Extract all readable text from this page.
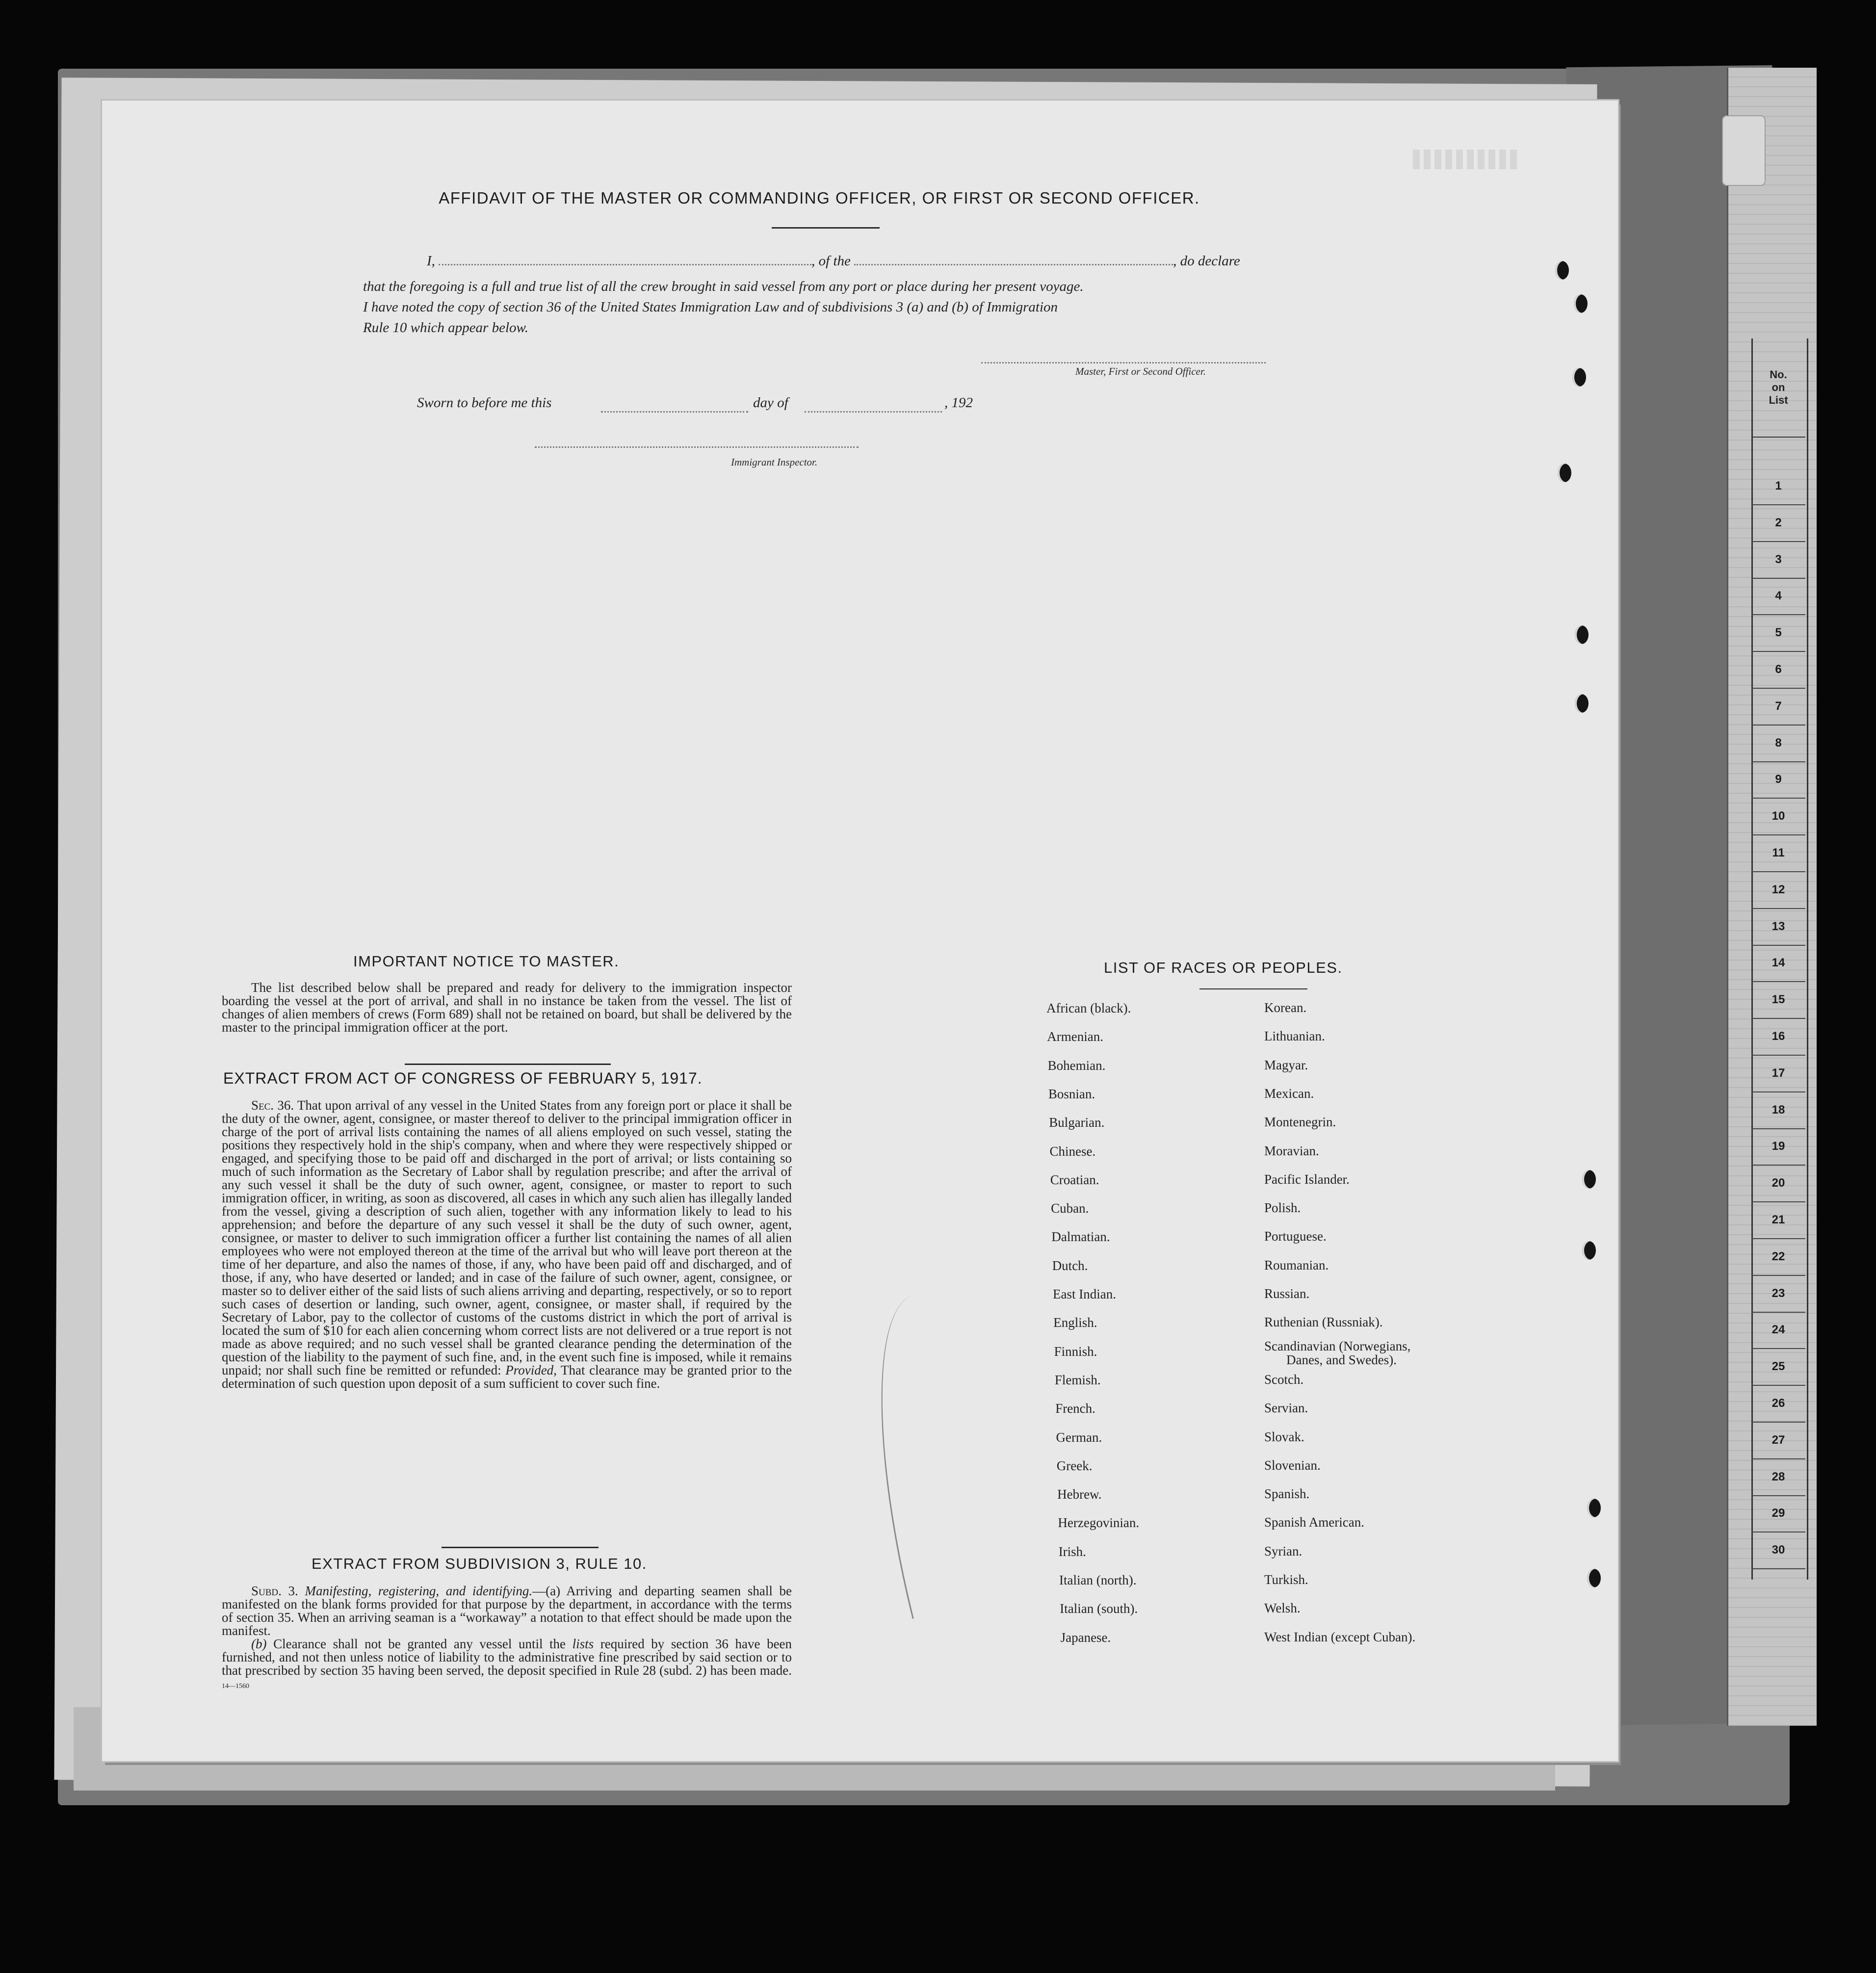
No.
on
List
1
2
3
4
5
6
7
8
9
10
11
12
13
14
15
16
17
18
19
20
21
22
23
24
25
26
27
28
29
30
AFFIDAVIT OF THE MASTER OR COMMANDING OFFICER, OR FIRST OR SECOND OFFICER.
I,	, of the	, do declare
that the foregoing is a full and true list of all the crew brought in said vessel from any port or place during her present voyage.
I have noted the copy of section 36 of the United States Immigration Law and of subdivisions 3 (a) and (b) of Immigration
Rule 10 which appear below.
Master, First or Second Officer.
Sworn to before me this	day of	, 192
Immigrant Inspector.
IMPORTANT NOTICE TO MASTER.

The list described below shall be prepared and ready for delivery to the immigration inspector boarding the vessel at the port of arrival, and shall in no instance be taken from the vessel. The list of changes of alien members of crews (Form 689) shall not be retained on board, but shall be delivered by the master to the principal immigration officer at the port.

EXTRACT FROM ACT OF CONGRESS OF FEBRUARY 5, 1917.

Sec. 36. That upon arrival of any vessel in the United States from any foreign port or place it shall be the duty of the owner, agent, consignee, or master thereof to deliver to the principal immigration officer in charge of the port of arrival lists containing the names of all aliens employed on such vessel, stating the positions they respectively hold in the ship's company, when and where they were respectively shipped or engaged, and specifying those to be paid off and discharged in the port of arrival; or lists containing so much of such information as the Secretary of Labor shall by regulation prescribe; and after the arrival of any such vessel it shall be the duty of such owner, agent, consignee, or master to report to such immigration officer, in writing, as soon as discovered, all cases in which any such alien has illegally landed from the vessel, giving a description of such alien, together with any information likely to lead to his apprehension; and before the departure of any such vessel it shall be the duty of such owner, agent, consignee, or master to deliver to such immigration officer a further list containing the names of all alien employees who were not employed thereon at the time of the arrival but who will leave port thereon at the time of her departure, and also the names of those, if any, who have been paid off and discharged, and of those, if any, who have deserted or landed; and in case of the failure of such owner, agent, consignee, or master so to deliver either of the said lists of such aliens arriving and departing, respectively, or so to report such cases of desertion or landing, such owner, agent, consignee, or master shall, if required by the Secretary of Labor, pay to the collector of customs of the customs district in which the port of arrival is located the sum of $10 for each alien concerning whom correct lists are not delivered or a true report is not made as above required; and no such vessel shall be granted clearance pending the determination of the question of the liability to the payment of such fine, and, in the event such fine is imposed, while it remains unpaid; nor shall such fine be remitted or refunded: Provided, That clearance may be granted prior to the determination of such question upon deposit of a sum sufficient to cover such fine.

EXTRACT FROM SUBDIVISION 3, RULE 10.

Subd. 3. Manifesting, registering, and identifying.—(a) Arriving and departing seamen shall be manifested on the blank forms provided for that purpose by the department, in accordance with the terms of section 35. When an arriving seaman is a “workaway” a notation to that effect should be made upon the manifest.

(b) Clearance shall not be granted any vessel until the lists required by section 36 have been furnished, and not then unless notice of liability to the administrative fine prescribed by said section or to that prescribed by section 35 having been served, the deposit specified in Rule 28 (subd. 2) has been made. 14—1560

LIST OF RACES OR PEOPLES.
African (black).
Armenian.
Bohemian.
Bosnian.
Bulgarian.
Chinese.
Croatian.
Cuban.
Dalmatian.
Dutch.
East Indian.
English.
Finnish.
Flemish.
French.
German.
Greek.
Hebrew.
Herzegovinian.
Irish.
Italian (north).
Italian (south).
Japanese.
Korean.
Lithuanian.
Magyar.
Mexican.
Montenegrin.
Moravian.
Pacific Islander.
Polish.
Portuguese.
Roumanian.
Russian.
Ruthenian (Russniak).
Scandinavian (Norwegians,
Danes, and Swedes).
Scotch.
Servian.
Slovak.
Slovenian.
Spanish.
Spanish American.
Syrian.
Turkish.
Welsh.
West Indian (except Cuban).
